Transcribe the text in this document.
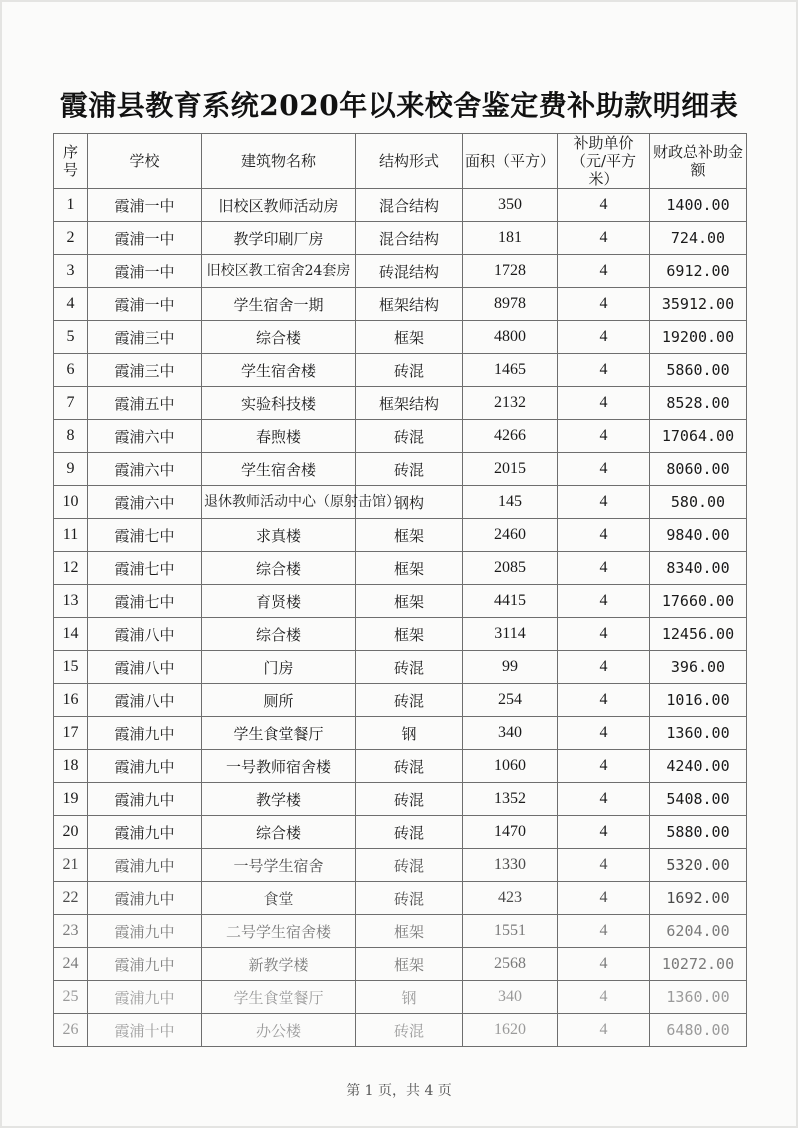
霞浦县教育系统2020年以来校舍鉴定费补助款明细表
序号	学校	建筑物名称	结构形式	面积（平方）	补助单价（元/平方米）	财政总补助金额
1	霞浦一中	旧校区教师活动房	混合结构	350	4	1400.00
2	霞浦一中	教学印刷厂房	混合结构	181	4	724.00
3	霞浦一中	旧校区教工宿舍24套房	砖混结构	1728	4	6912.00
4	霞浦一中	学生宿舍一期	框架结构	8978	4	35912.00
5	霞浦三中	综合楼	框架	4800	4	19200.00
6	霞浦三中	学生宿舍楼	砖混	1465	4	5860.00
7	霞浦五中	实验科技楼	框架结构	2132	4	8528.00
8	霞浦六中	春煦楼	砖混	4266	4	17064.00
9	霞浦六中	学生宿舍楼	砖混	2015	4	8060.00
10	霞浦六中	退休教师活动中心（原射击馆）	钢构	145	4	580.00
11	霞浦七中	求真楼	框架	2460	4	9840.00
12	霞浦七中	综合楼	框架	2085	4	8340.00
13	霞浦七中	育贤楼	框架	4415	4	17660.00
14	霞浦八中	综合楼	框架	3114	4	12456.00
15	霞浦八中	门房	砖混	99	4	396.00
16	霞浦八中	厕所	砖混	254	4	1016.00
17	霞浦九中	学生食堂餐厅	钢	340	4	1360.00
18	霞浦九中	一号教师宿舍楼	砖混	1060	4	4240.00
19	霞浦九中	教学楼	砖混	1352	4	5408.00
20	霞浦九中	综合楼	砖混	1470	4	5880.00
21	霞浦九中	一号学生宿舍	砖混	1330	4	5320.00
22	霞浦九中	食堂	砖混	423	4	1692.00
23	霞浦九中	二号学生宿舍楼	框架	1551	4	6204.00
24	霞浦九中	新教学楼	框架	2568	4	10272.00
25	霞浦九中	学生食堂餐厅	钢	340	4	1360.00
26	霞浦十中	办公楼	砖混	1620	4	6480.00
第 1 页，共 4 页
